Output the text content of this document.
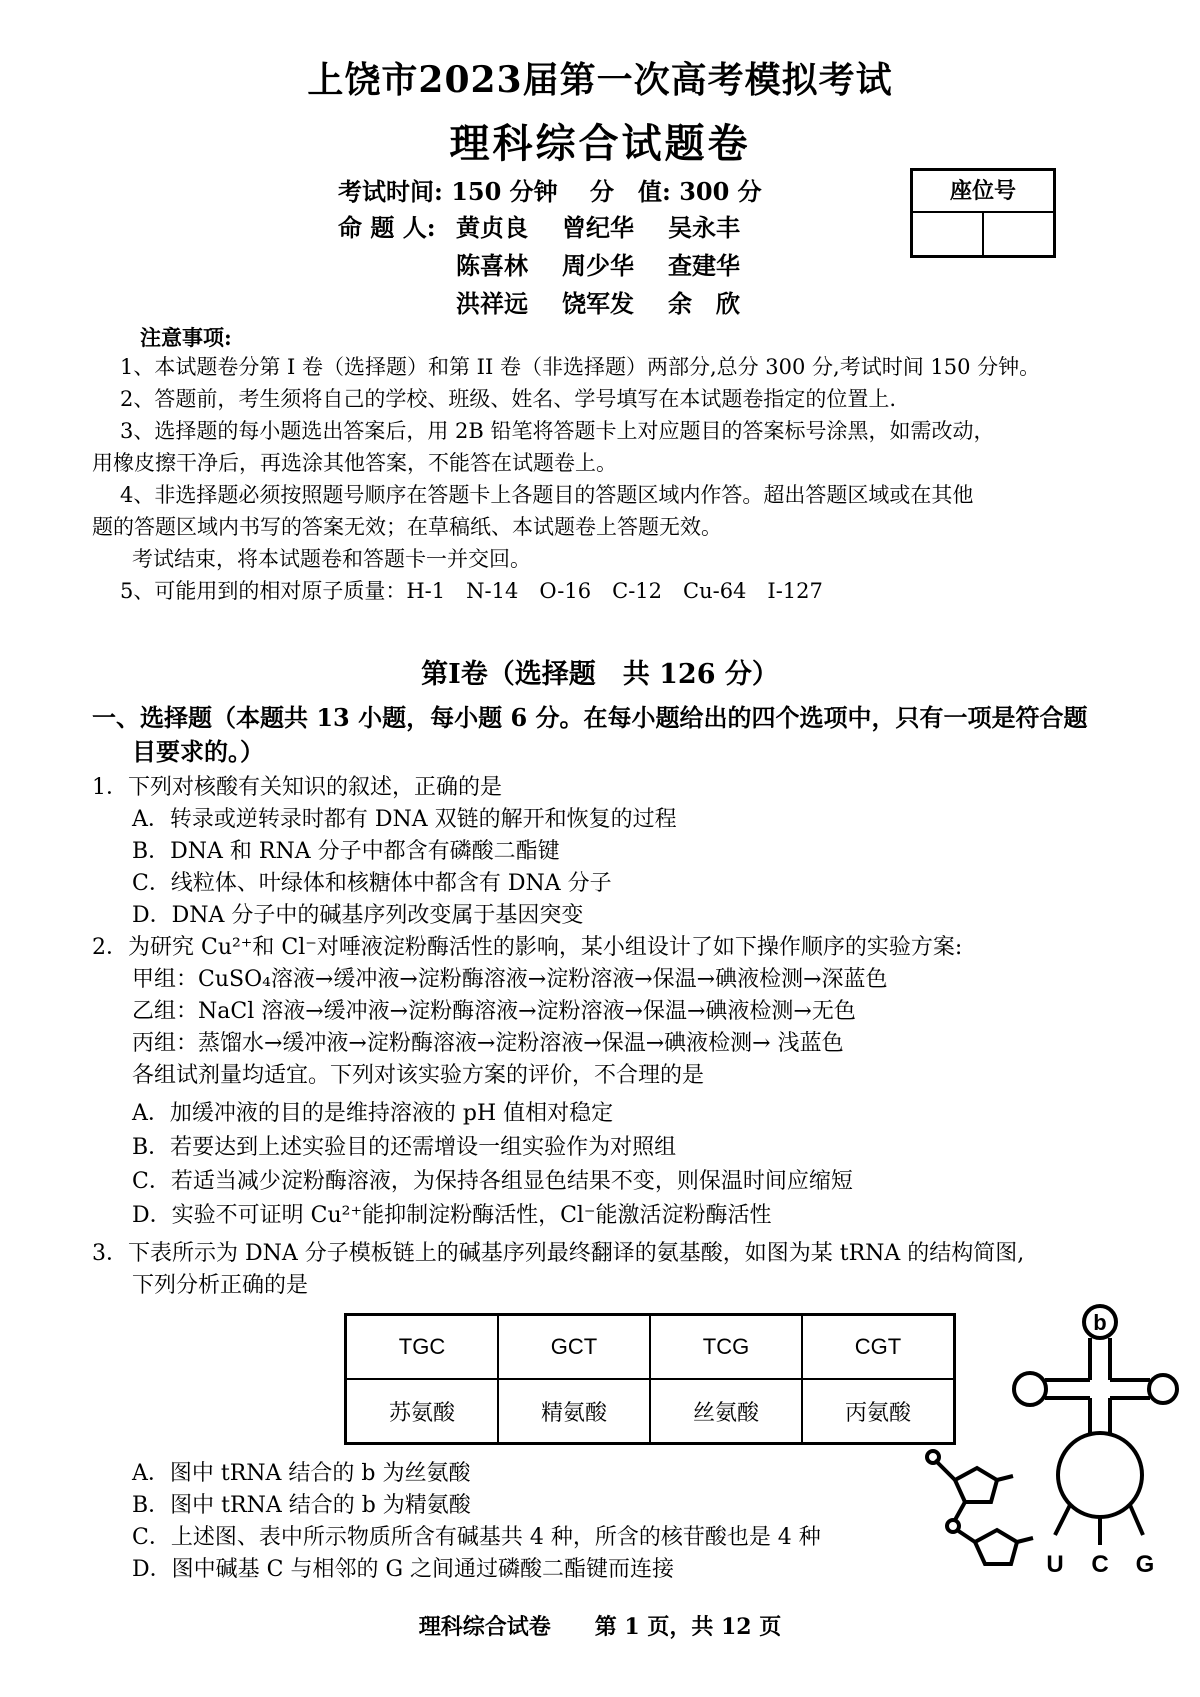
上饶市2023届第一次高考模拟考试
理科综合试题卷
考试时间: 150 分钟 分　值: 300 分
命 题 人: 黄贞良 曾纪华 吴永丰
陈喜林 周少华 查建华
洪祥远 饶军发 余　欣
座位号
注意事项:
1、本试题卷分第 I 卷（选择题）和第 II 卷（非选择题）两部分,总分 300 分,考试时间 150 分钟。
2、答题前，考生须将自己的学校、班级、姓名、学号填写在本试题卷指定的位置上.
3、选择题的每小题选出答案后，用 2B 铅笔将答题卡上对应题目的答案标号涂黑，如需改动，
用橡皮擦干净后，再选涂其他答案，不能答在试题卷上。
4、非选择题必须按照题号顺序在答题卡上各题目的答题区域内作答。超出答题区域或在其他
题的答题区域内书写的答案无效；在草稿纸、本试题卷上答题无效。
考试结束，将本试题卷和答题卡一并交回。
5、可能用到的相对原子质量：H-1　N-14　O-16　C-12　Cu-64　I-127
第I卷（选择题　共 126 分）
一、选择题（本题共 13 小题，每小题 6 分。在每小题给出的四个选项中，只有一项是符合题
目要求的。）
1．下列对核酸有关知识的叙述，正确的是
A．转录或逆转录时都有 DNA 双链的解开和恢复的过程
B．DNA 和 RNA 分子中都含有磷酸二酯键
C．线粒体、叶绿体和核糖体中都含有 DNA 分子
D．DNA 分子中的碱基序列改变属于基因突变
2．为研究 Cu²⁺和 Cl⁻对唾液淀粉酶活性的影响，某小组设计了如下操作顺序的实验方案:
甲组：CuSO₄溶液→缓冲液→淀粉酶溶液→淀粉溶液→保温→碘液检测→深蓝色
乙组：NaCl 溶液→缓冲液→淀粉酶溶液→淀粉溶液→保温→碘液检测→无色
丙组：蒸馏水→缓冲液→淀粉酶溶液→淀粉溶液→保温→碘液检测→ 浅蓝色
各组试剂量均适宜。下列对该实验方案的评价，不合理的是
A．加缓冲液的目的是维持溶液的 pH 值相对稳定
B．若要达到上述实验目的还需增设一组实验作为对照组
C．若适当减少淀粉酶溶液，为保持各组显色结果不变，则保温时间应缩短
D．实验不可证明 Cu²⁺能抑制淀粉酶活性，Cl⁻能激活淀粉酶活性
3．下表所示为 DNA 分子模板链上的碱基序列最终翻译的氨基酸，如图为某 tRNA 的结构简图,
下列分析正确的是
TGC	GCT	TCG	CGT
苏氨酸	精氨酸	丝氨酸	丙氨酸
A．图中 tRNA 结合的 b 为丝氨酸
B．图中 tRNA 结合的 b 为精氨酸
C．上述图、表中所示物质所含有碱基共 4 种，所含的核苷酸也是 4 种
D．图中碱基 C 与相邻的 G 之间通过磷酸二酯键而连接
b
U C G
理科综合试卷　　第 1 页，共 12 页
